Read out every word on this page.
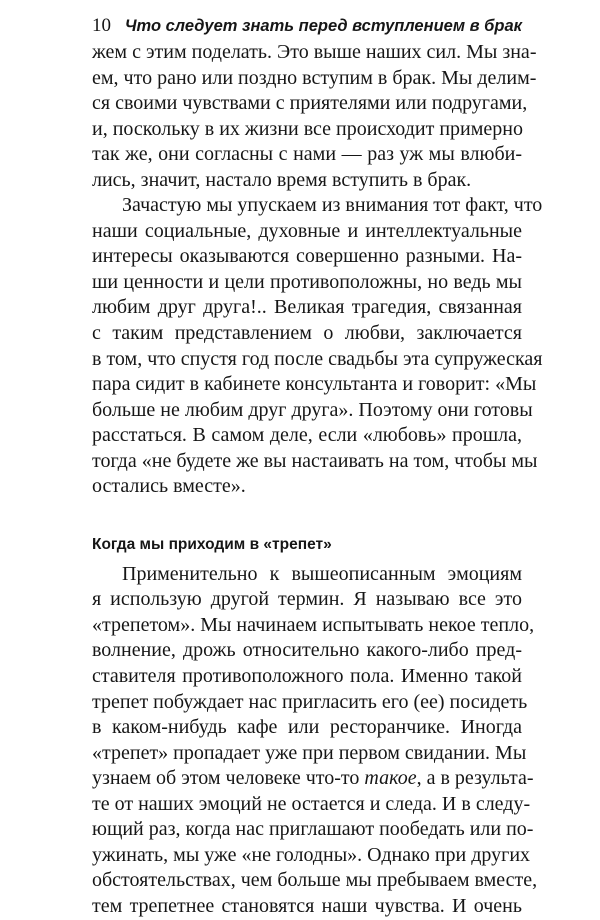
10 Что следует знать перед вступлением в брак
жем с этим поделать. Это выше наших сил. Мы зна-
ем, что рано или поздно вступим в брак. Мы делим-
ся своими чувствами с приятелями или подругами,
и, поскольку в их жизни все происходит примерно
так же, они согласны с нами — раз уж мы влюби-
лись, значит, настало время вступить в брак.
Зачастую мы упускаем из внимания тот факт, что
наши социальные, духовные и интеллектуальные
интересы оказываются совершенно разными. На-
ши ценности и цели противоположны, но ведь мы
любим друг друга!.. Великая трагедия, связанная
с таким представлением о любви, заключается
в том, что спустя год после свадьбы эта супружеская
пара сидит в кабинете консультанта и говорит: «Мы
больше не любим друг друга». Поэтому они готовы
расстаться. В самом деле, если «любовь» прошла,
тогда «не будете же вы настаивать на том, чтобы мы
остались вместе».
Когда мы приходим в «трепет»
Применительно к вышеописанным эмоциям
я использую другой термин. Я называю все это
«трепетом». Мы начинаем испытывать некое тепло,
волнение, дрожь относительно какого-либо пред-
ставителя противоположного пола. Именно такой
трепет побуждает нас пригласить его (ее) посидеть
в каком-нибудь кафе или ресторанчике. Иногда
«трепет» пропадает уже при первом свидании. Мы
узнаем об этом человеке что-то такое, а в результа-
те от наших эмоций не остается и следа. И в следу-
ющий раз, когда нас приглашают пообедать или по-
ужинать, мы уже «не голодны». Однако при других
обстоятельствах, чем больше мы пребываем вместе,
тем трепетнее становятся наши чувства. И очень
